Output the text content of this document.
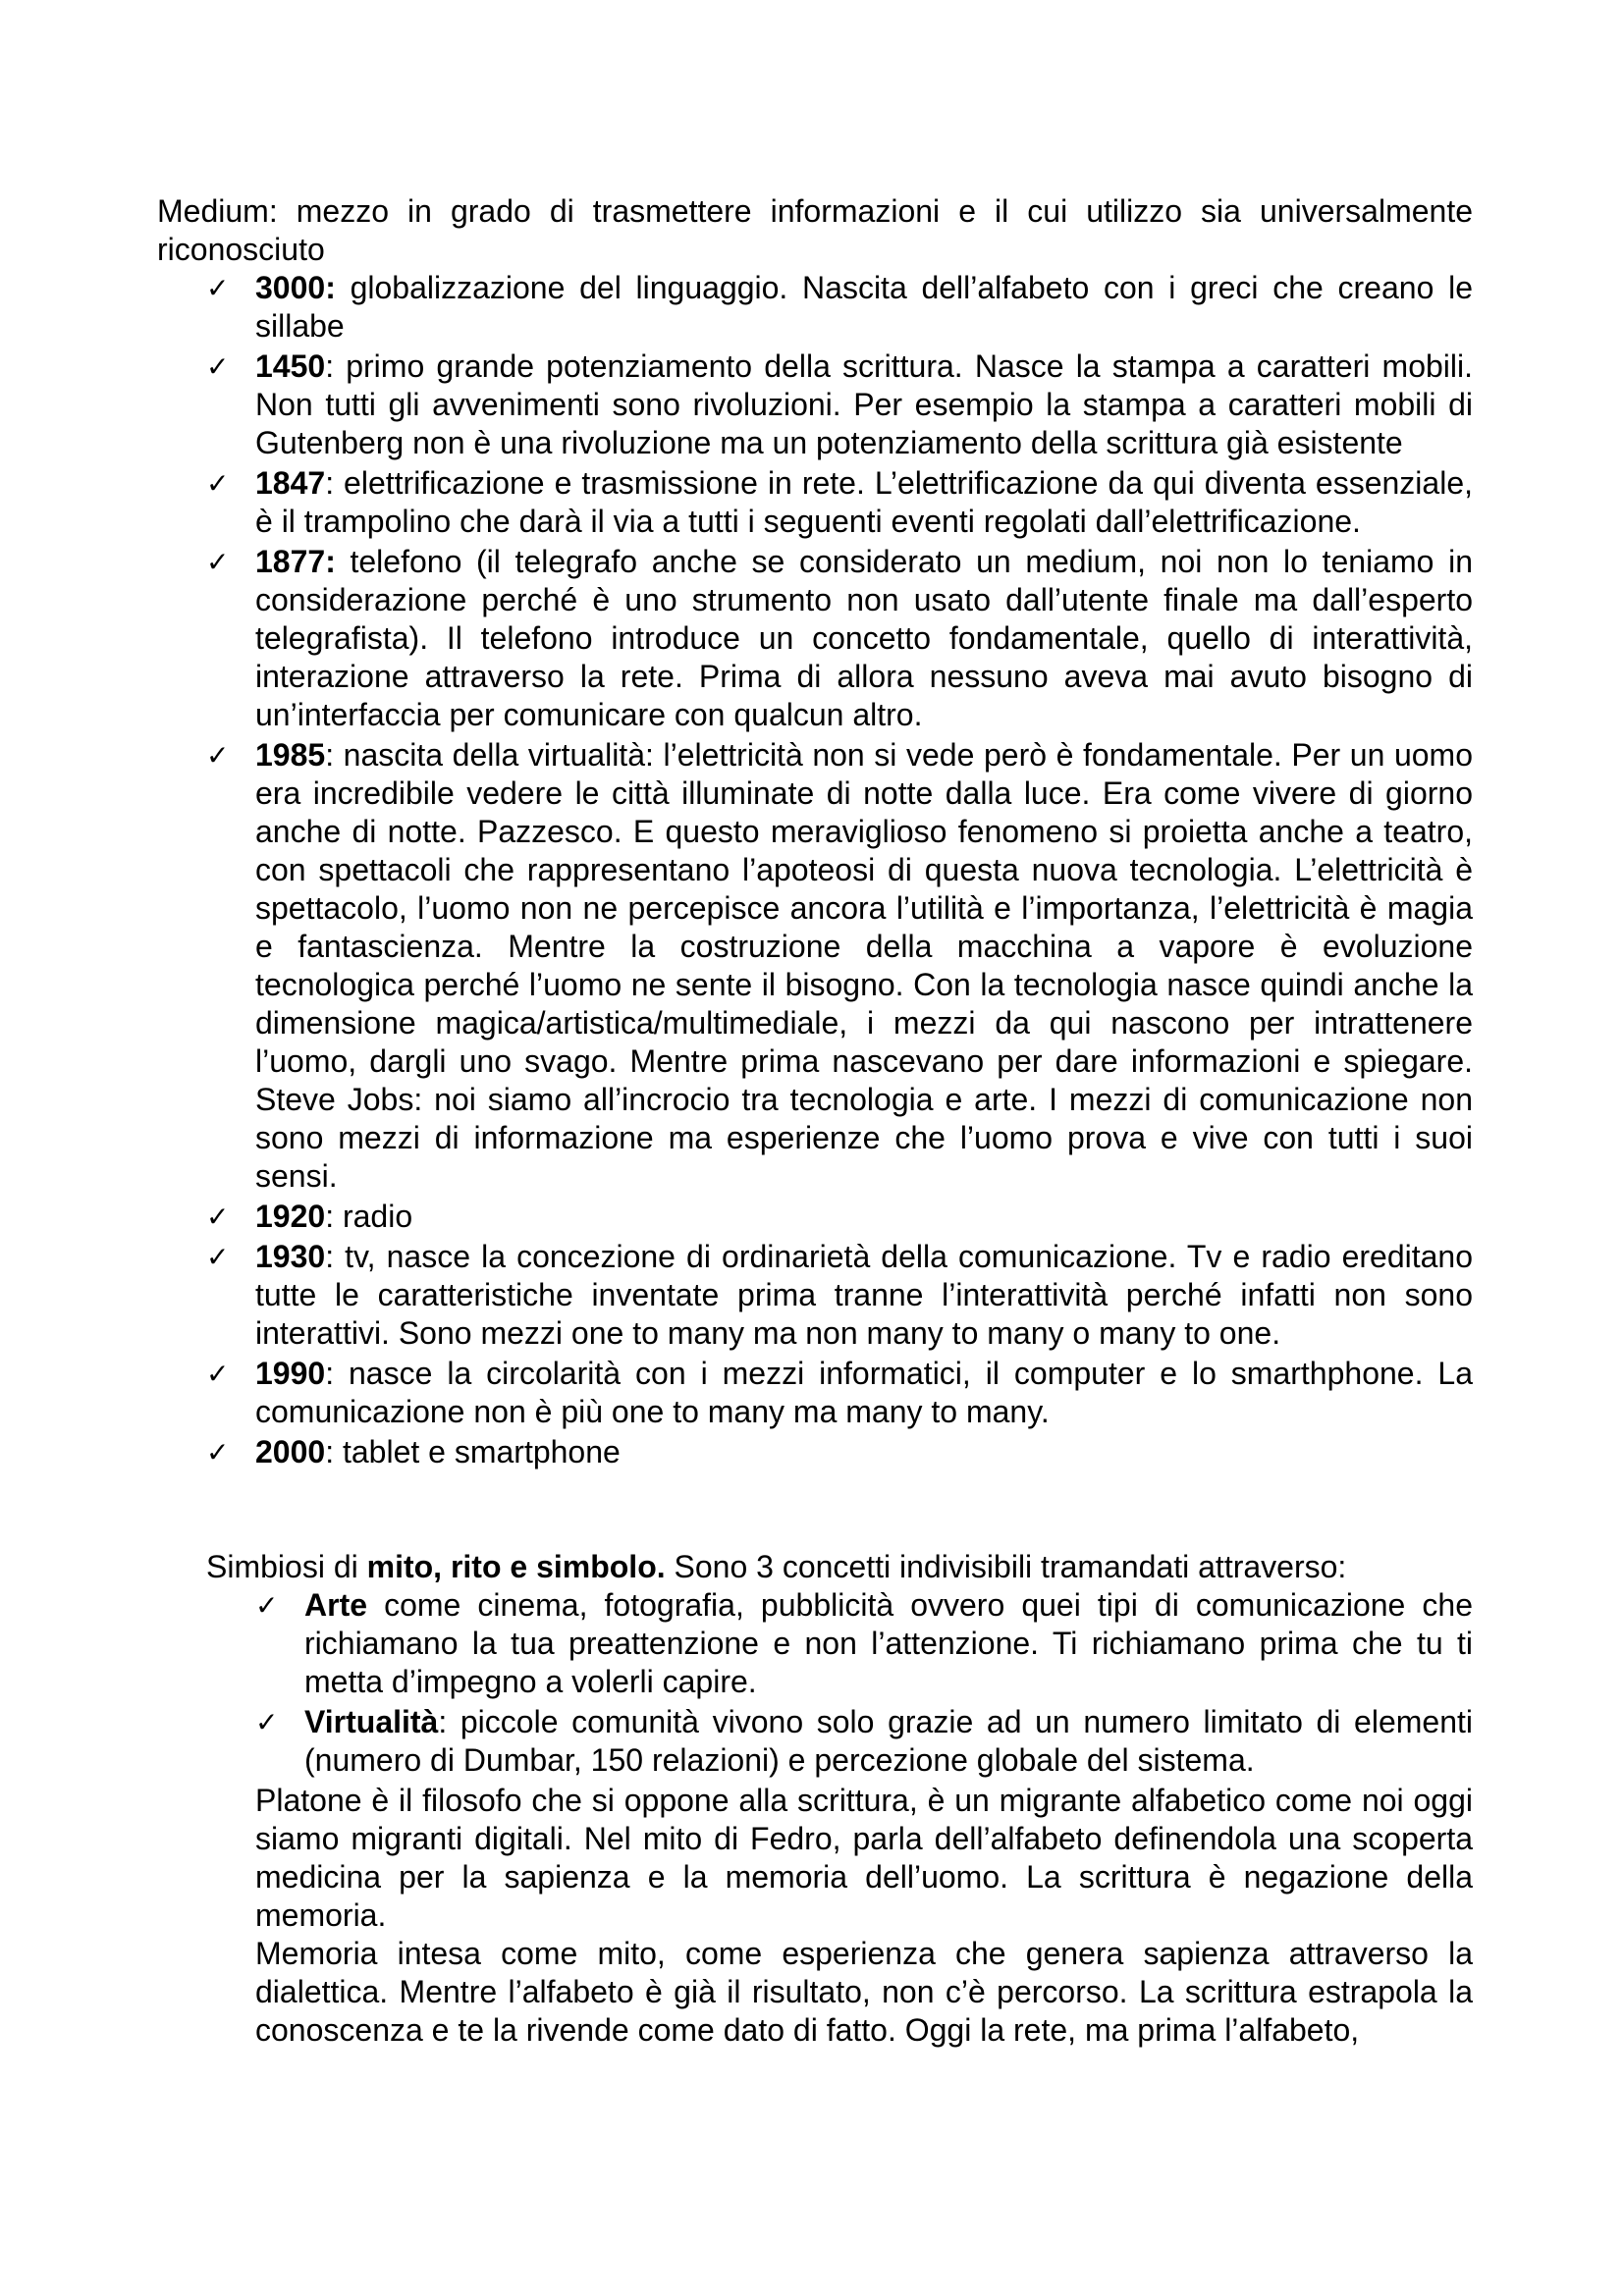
Medium: mezzo in grado di trasmettere informazioni e il cui utilizzo sia universalmente riconosciuto

✓ 3000: globalizzazione del linguaggio. Nascita dell’alfabeto con i greci che creano le sillabe
✓ 1450: primo grande potenziamento della scrittura. Nasce la stampa a caratteri mobili. Non tutti gli avvenimenti sono rivoluzioni. Per esempio la stampa a caratteri mobili di Gutenberg non è una rivoluzione ma un potenziamento della scrittura già esistente
✓ 1847: elettrificazione e trasmissione in rete. L’elettrificazione da qui diventa essenziale, è il trampolino che darà il via a tutti i seguenti eventi regolati dall’elettrificazione.
✓ 1877: telefono (il telegrafo anche se considerato un medium, noi non lo teniamo in considerazione perché è uno strumento non usato dall’utente finale ma dall’esperto telegrafista). Il telefono introduce un concetto fondamentale, quello di interattività, interazione attraverso la rete. Prima di allora nessuno aveva mai avuto bisogno di un’interfaccia per comunicare con qualcun altro.
✓ 1985: nascita della virtualità: l’elettricità non si vede però è fondamentale. Per un uomo era incredibile vedere le città illuminate di notte dalla luce. Era come vivere di giorno anche di notte. Pazzesco. E questo meraviglioso fenomeno si proietta anche a teatro, con spettacoli che rappresentano l’apoteosi di questa nuova tecnologia. L’elettricità è spettacolo, l’uomo non ne percepisce ancora l’utilità e l’importanza, l’elettricità è magia e fantascienza. Mentre la costruzione della macchina a vapore è evoluzione tecnologica perché l’uomo ne sente il bisogno. Con la tecnologia nasce quindi anche la dimensione magica/artistica/multimediale, i mezzi da qui nascono per intrattenere l’uomo, dargli uno svago. Mentre prima nascevano per dare informazioni e spiegare. Steve Jobs: noi siamo all’incrocio tra tecnologia e arte. I mezzi di comunicazione non sono mezzi di informazione ma esperienze che l’uomo prova e vive con tutti i suoi sensi.
✓ 1920: radio
✓ 1930: tv, nasce la concezione di ordinarietà della comunicazione. Tv e radio ereditano tutte le caratteristiche inventate prima tranne l’interattività perché infatti non sono interattivi. Sono mezzi one to many ma non many to many o many to one.
✓ 1990: nasce la circolarità con i mezzi informatici, il computer e lo smarthphone. La comunicazione non è più one to many ma many to many.
✓ 2000: tablet e smartphone
Simbiosi di mito, rito e simbolo. Sono 3 concetti indivisibili tramandati attraverso:
✓ Arte come cinema, fotografia, pubblicità ovvero quei tipi di comunicazione che richiamano la tua preattenzione e non l’attenzione. Ti richiamano prima che tu ti metta d’impegno a volerli capire.
✓ Virtualità: piccole comunità vivono solo grazie ad un numero limitato di elementi (numero di Dumbar, 150 relazioni) e percezione globale del sistema.

Platone è il filosofo che si oppone alla scrittura, è un migrante alfabetico come noi oggi siamo migranti digitali. Nel mito di Fedro, parla dell’alfabeto definendola una scoperta medicina per la sapienza e la memoria dell’uomo. La scrittura è negazione della memoria.

Memoria intesa come mito, come esperienza che genera sapienza attraverso la dialettica. Mentre l’alfabeto è già il risultato, non c’è percorso. La scrittura estrapola la conoscenza e te la rivende come dato di fatto. Oggi la rete, ma prima l’alfabeto,
